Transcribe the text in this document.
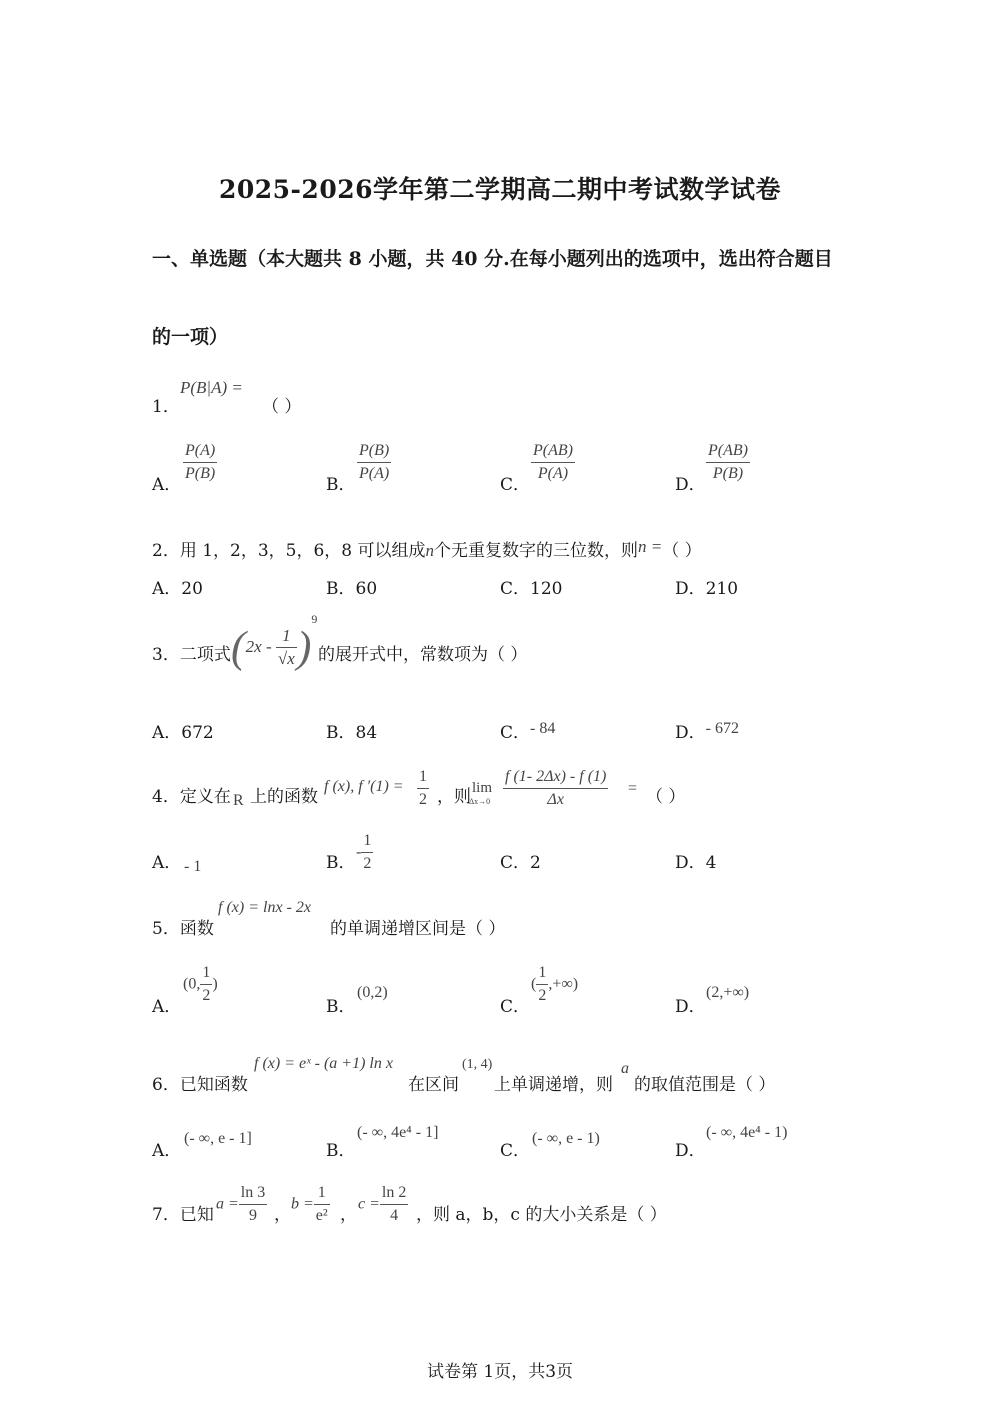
2025-2026学年第二学期高二期中考试数学试卷
一、单选题（本大题共 8 小题，共 40 分.在每小题列出的选项中，选出符合题目
的一项）
1．
P(B|A) =
（ ）
A． $\frac{P(A)}{P(B)}$	B． $\frac{P(B)}{P(A)}$	C． $\frac{P(AB)}{P(A)}$	D． $\frac{P(AB)}{P(B)}$
2．用 1，2，3，5，6，8 可以组成n个无重复数字的三位数，则n =（ ）
A．20	B．60	C．120	D．210
3．二项式 $(2x - \frac{1}{√x} )^9$
的展开式中，常数项为（ ）
A．672	B．84	C．- 84	D．- 672
4．定义在 R 上的函数
f (x), f $'(1) = \frac{1}{2}$ ，则 lim
$\Delta x\to 0 \frac{f (1- 2\Delta x) - f (1)}{\Delta x}$ = （ ）
A． - 1	B．
- $\frac{1}{2}$	C．2	D．4
5．函数
f (x) = lnx - 2x
的单调递增区间是（ ）
A．
(0, $\frac{1}{2}$ )
B．
(0,2)
C．
( $\frac{1}{2}$ ,+∞)
D．
(2,+∞)
6．已知函数
f (x) = eˣ - (a +1) ln x
在区间
(1, 4)
上单调递增，则
a
的取值范围是（ ）
A．
(- ∞, e - 1]
B．
(- ∞, 4e⁴ - 1]
C．
(- ∞, e - 1)
D．
(- ∞, 4e⁴ - 1)
7．已知
$a = \frac{\ln 3}{9}$ ，
$b = \frac{1}{\text{e²}}$ ，
$c = \frac{\ln 2}{4}$ ，则 a，b，c 的大小关系是（ ）
试卷第 1页，共3页
